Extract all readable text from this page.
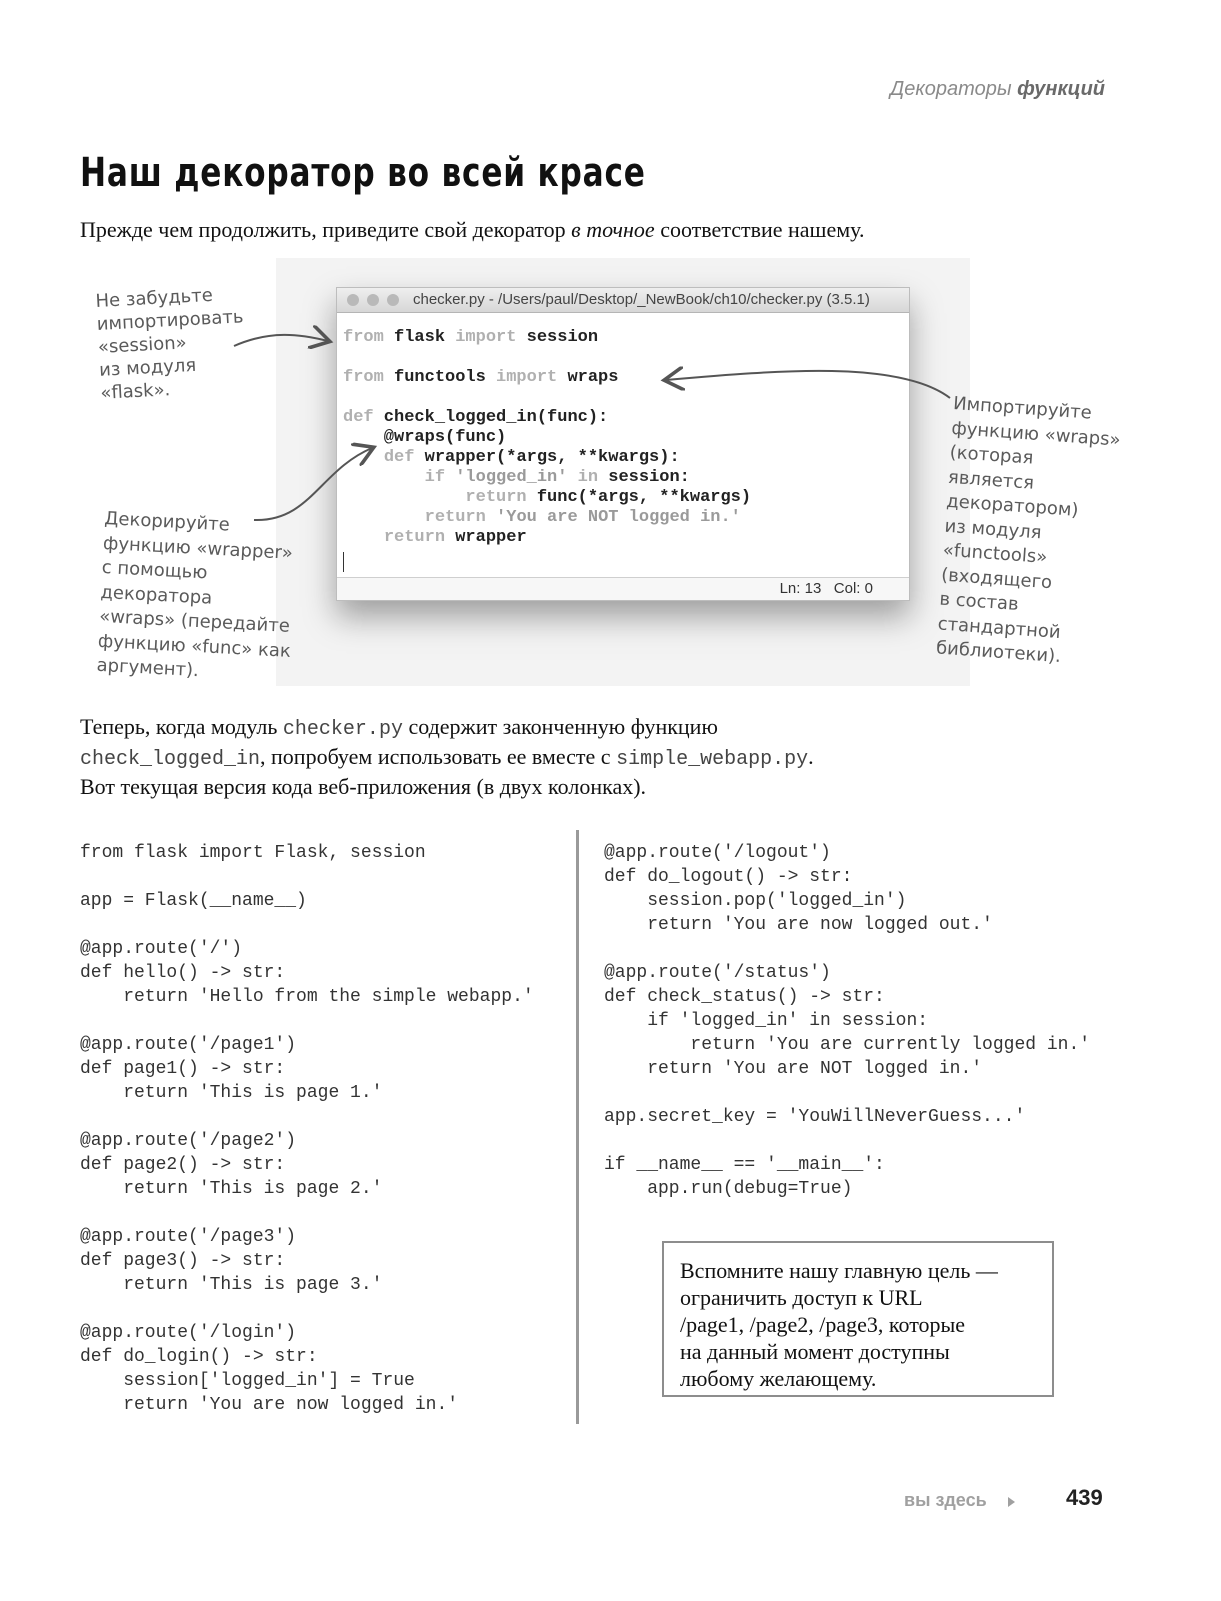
Декораторы функций
Наш декоратор во всей красе
Прежде чем продолжить, приведите свой декоратор в точное соответствие нашему.
checker.py - /Users/paul/Desktop/_NewBook/ch10/checker.py (3.5.1)
from flask import session

from functools import wraps

def check_logged_in(func):
@wraps(func)
def wrapper(*args, **kwargs):
if 'logged_in' in session:
return func(*args, **kwargs)
return 'You are NOT logged in.'
return wrapper
Ln: 13   Col: 0
Не забудьте
импортировать
«session»
из модуля
«flask».
Декорируйте
функцию «wrapper»
с помощью
декоратора
«wraps» (передайте
функцию «func» как
аргумент).
Импортируйте
функцию «wraps»
(которая
является
декоратором)
из модуля
«functools»
(входящего
в состав
стандартной
библиотеки).
Теперь, когда модуль checker.py содержит законченную функцию
check_logged_in, попробуем использовать ее вместе с simple_webapp.py.
Вот текущая версия кода веб-приложения (в двух колонках).
from flask import Flask, session

app = Flask(__name__)

@app.route('/')
def hello() -> str:
return 'Hello from the simple webapp.'

@app.route('/page1')
def page1() -> str:
return 'This is page 1.'

@app.route('/page2')
def page2() -> str:
return 'This is page 2.'

@app.route('/page3')
def page3() -> str:
return 'This is page 3.'

@app.route('/login')
def do_login() -> str:
session['logged_in'] = True
return 'You are now logged in.'
@app.route('/logout')
def do_logout() -> str:
session.pop('logged_in')
return 'You are now logged out.'

@app.route('/status')
def check_status() -> str:
if 'logged_in' in session:
return 'You are currently logged in.'
return 'You are NOT logged in.'

app.secret_key = 'YouWillNeverGuess...'

if __name__ == '__main__':
app.run(debug=True)
Вспомните нашу главную цель —
ограничить доступ к URL
/page1, /page2, /page3, которые
на данный момент доступны
любому желающему.
вы здесь	439
